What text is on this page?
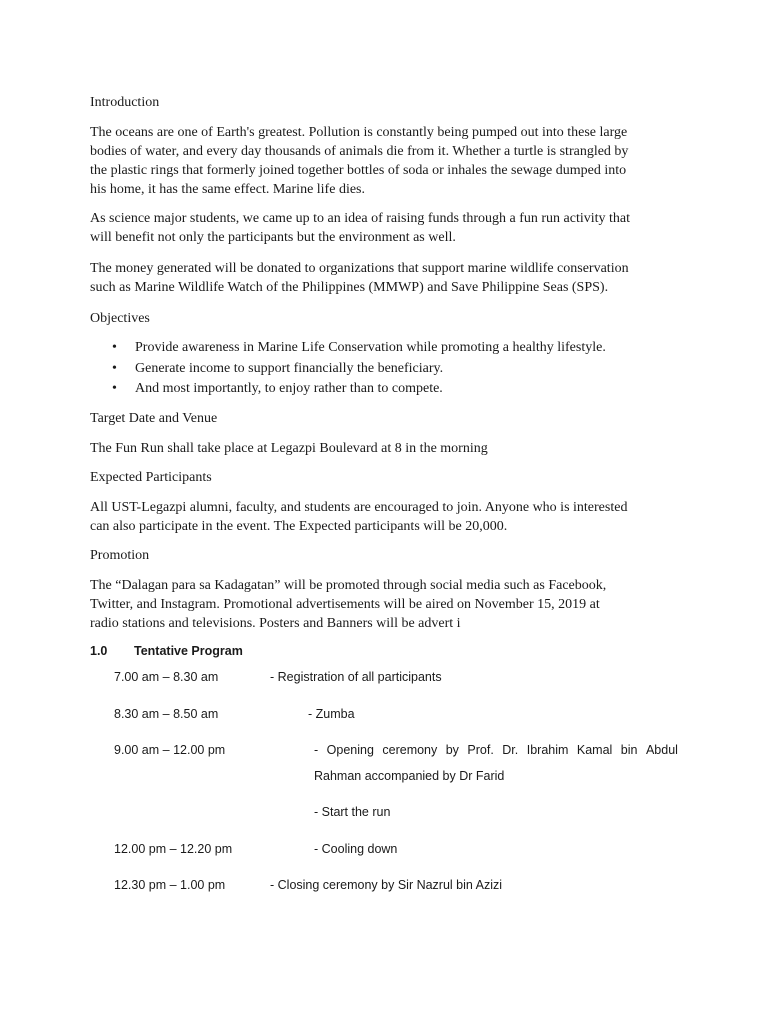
Introduction
The oceans are one of Earth's greatest. Pollution is constantly being pumped out into these large
bodies of water, and every day thousands of animals die from it. Whether a turtle is strangled by
the plastic rings that formerly joined together bottles of soda or inhales the sewage dumped into
his home, it has the same effect. Marine life dies.
As science major students, we came up to an idea of raising funds through a fun run activity that
will benefit not only the participants but the environment as well.
The money generated will be donated to organizations that support marine wildlife conservation
such as Marine Wildlife Watch of the Philippines (MMWP) and Save Philippine Seas (SPS).
Objectives
• Provide awareness in Marine Life Conservation while promoting a healthy lifestyle.
• Generate income to support financially the beneficiary.
• And most importantly, to enjoy rather than to compete.
Target Date and Venue
The Fun Run shall take place at Legazpi Boulevard at 8 in the morning
Expected Participants
All UST-Legazpi alumni, faculty, and students are encouraged to join. Anyone who is interested
can also participate in the event. The Expected participants will be 20,000.
Promotion
The “Dalagan para sa Kadagatan” will be promoted through social media such as Facebook,
Twitter, and Instagram. Promotional advertisements will be aired on November 15, 2019 at
radio stations and televisions. Posters and Banners will be advert i
1.0 Tentative Program
7.00 am – 8.30 am	- Registration of all participants
8.30 am – 8.50 am	- Zumba
9.00 am – 12.00 pm	- Opening ceremony by Prof. Dr. Ibrahim Kamal bin Abdul
Rahman accompanied by Dr Farid
- Start the run
12.00 pm – 12.20 pm	- Cooling down
12.30 pm – 1.00 pm	- Closing ceremony by Sir Nazrul bin Azizi
